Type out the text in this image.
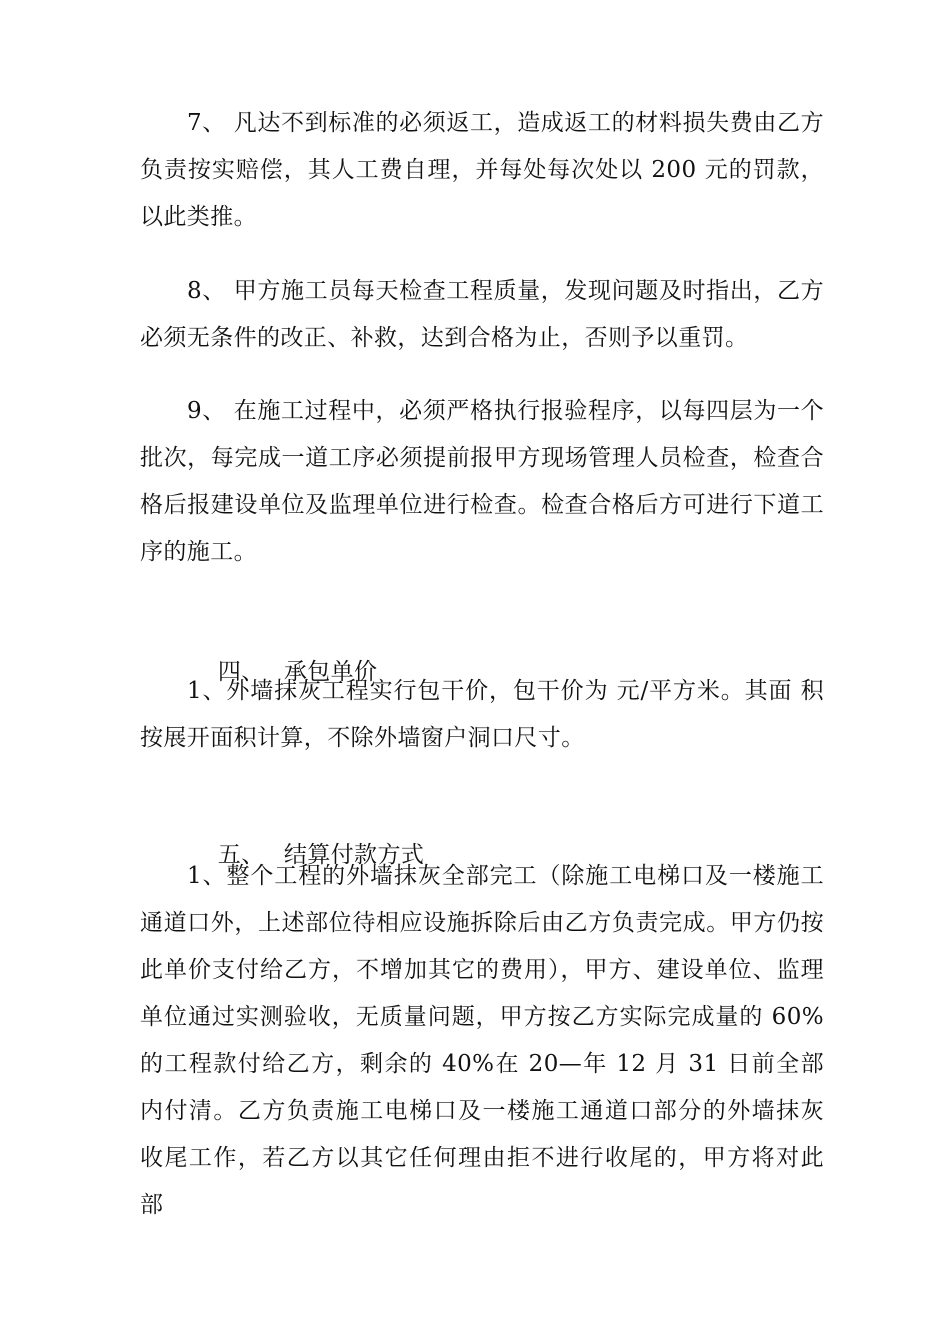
7、 凡达不到标准的必须返工，造成返工的材料损失费由乙方负责按实赔偿，其人工费自理，并每处每次处以 200 元的罚款，以此类推。

8、 甲方施工员每天检查工程质量，发现问题及时指出，乙方必须无条件的改正、补救，达到合格为止，否则予以重罚。

9、 在施工过程中，必须严格执行报验程序，以每四层为一个批次，每完成一道工序必须提前报甲方现场管理人员检查，检查合格后报建设单位及监理单位进行检查。检查合格后方可进行下道工序的施工。

四、 承包单价

1、外墙抹灰工程实行包干价，包干价为 元/平方米。其面 积按展开面积计算，不除外墙窗户洞口尺寸。

五、 结算付款方式

1、整个工程的外墙抹灰全部完工（除施工电梯口及一楼施工通道口外，上述部位待相应设施拆除后由乙方负责完成。甲方仍按此单价支付给乙方，不增加其它的费用），甲方、建设单位、监理单位通过实测验收，无质量问题，甲方按乙方实际完成量的 60%的工程款付给乙方，剩余的 40%在 20—年 12 月 31 日前全部 内付清。乙方负责施工电梯口及一楼施工通道口部分的外墙抹灰 收尾工作，若乙方以其它任何理由拒不进行收尾的，甲方将对此 部
